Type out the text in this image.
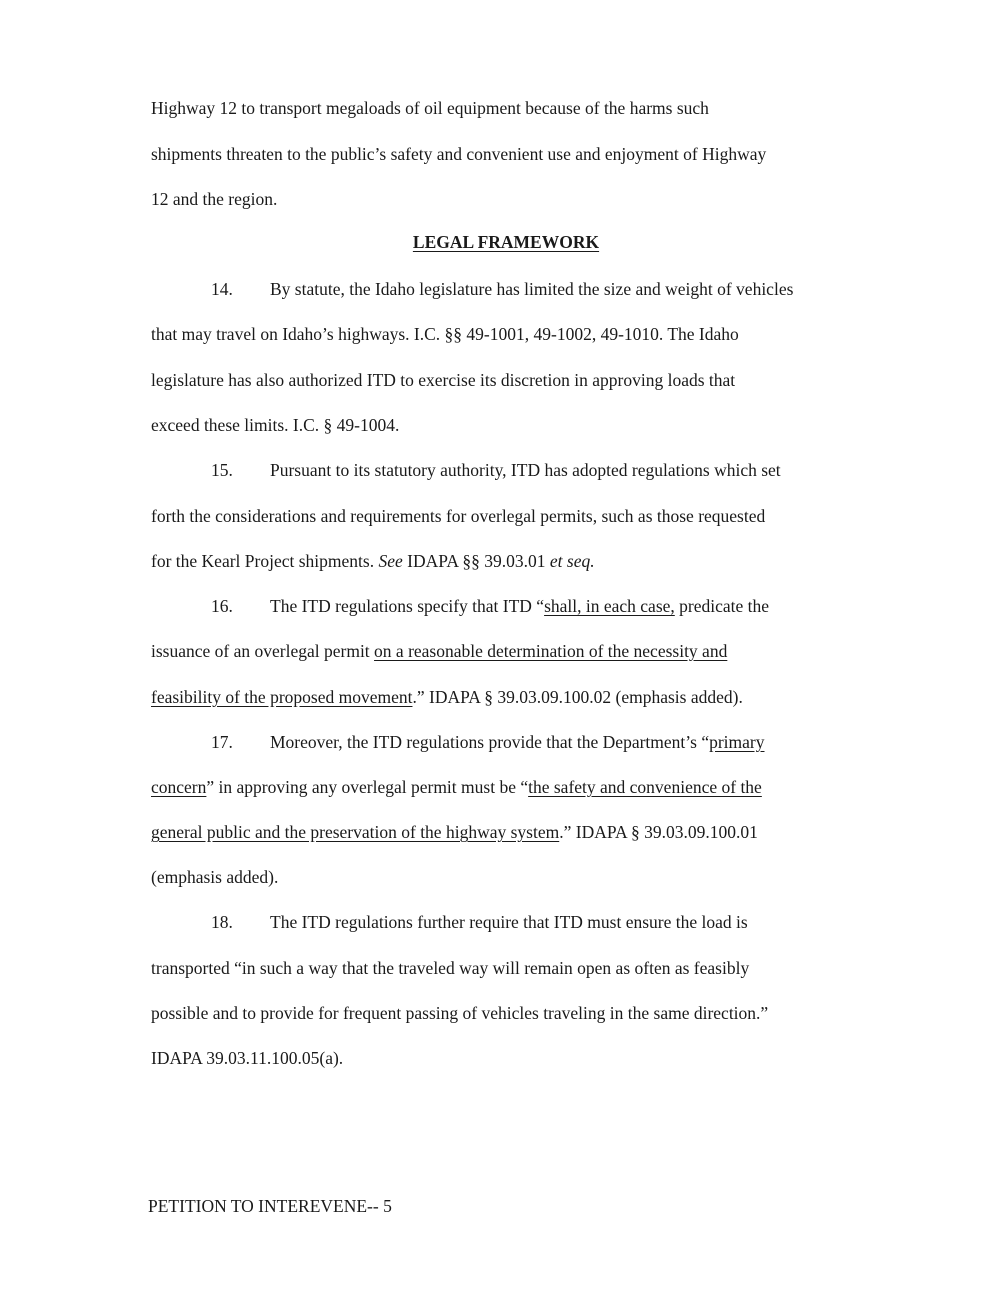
Highway 12 to transport megaloads of oil equipment because of the harms such
shipments threaten to the public’s safety and convenient use and enjoyment of Highway
12 and the region.
LEGAL FRAMEWORK
14. By statute, the Idaho legislature has limited the size and weight of vehicles
that may travel on Idaho’s highways. I.C. §§ 49-1001, 49-1002, 49-1010. The Idaho
legislature has also authorized ITD to exercise its discretion in approving loads that
exceed these limits. I.C. § 49-1004.
15. Pursuant to its statutory authority, ITD has adopted regulations which set
forth the considerations and requirements for overlegal permits, such as those requested
for the Kearl Project shipments. See IDAPA §§ 39.03.01 et seq.
16. The ITD regulations specify that ITD “shall, in each case, predicate the
issuance of an overlegal permit on a reasonable determination of the necessity and
feasibility of the proposed movement.” IDAPA § 39.03.09.100.02 (emphasis added).
17. Moreover, the ITD regulations provide that the Department’s “primary
concern” in approving any overlegal permit must be “the safety and convenience of the
general public and the preservation of the highway system.” IDAPA § 39.03.09.100.01
(emphasis added).
18. The ITD regulations further require that ITD must ensure the load is
transported “in such a way that the traveled way will remain open as often as feasibly
possible and to provide for frequent passing of vehicles traveling in the same direction.”
IDAPA 39.03.11.100.05(a).
PETITION TO INTEREVENE-- 5
